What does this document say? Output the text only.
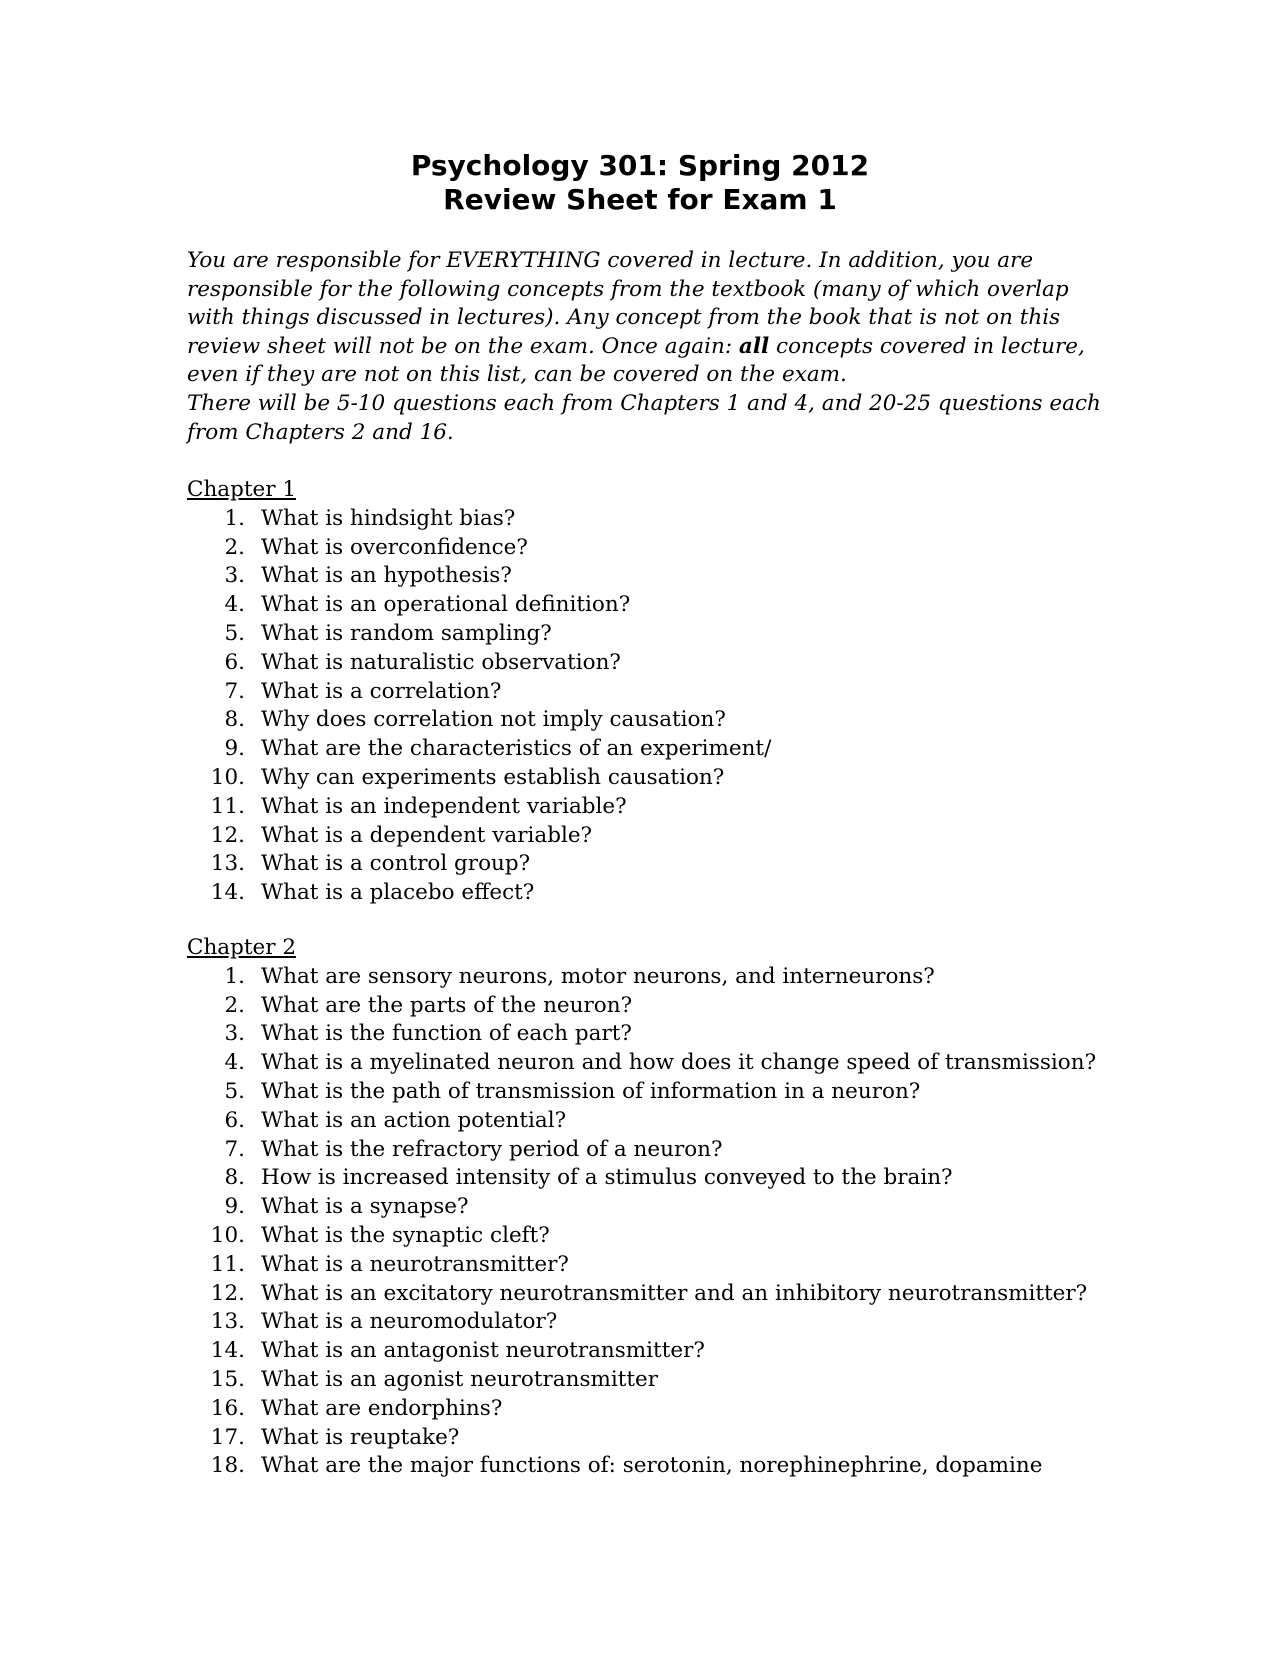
Psychology 301: Spring 2012
Review Sheet for Exam 1

You are responsible for EVERYTHING covered in lecture. In addition, you are responsible for the following concepts from the textbook (many of which overlap with things discussed in lectures). Any concept from the book that is not on this review sheet will not be on the exam. Once again: all concepts covered in lecture, even if they are not on this list, can be covered on the exam.

There will be 5-10 questions each from Chapters 1 and 4, and 20-25 questions each from Chapters 2 and 16.

Chapter 1

1. What is hindsight bias?
2. What is overconfidence?
3. What is an hypothesis?
4. What is an operational definition?
5. What is random sampling?
6. What is naturalistic observation?
7. What is a correlation?
8. Why does correlation not imply causation?
9. What are the characteristics of an experiment/
10. Why can experiments establish causation?
11. What is an independent variable?
12. What is a dependent variable?
13. What is a control group?
14. What is a placebo effect?

Chapter 2

1. What are sensory neurons, motor neurons, and interneurons?
2. What are the parts of the neuron?
3. What is the function of each part?
4. What is a myelinated neuron and how does it change speed of transmission?
5. What is the path of transmission of information in a neuron?
6. What is an action potential?
7. What is the refractory period of a neuron?
8. How is increased intensity of a stimulus conveyed to the brain?
9. What is a synapse?
10. What is the synaptic cleft?
11. What is a neurotransmitter?
12. What is an excitatory neurotransmitter and an inhibitory neurotransmitter?
13. What is a neuromodulator?
14. What is an antagonist neurotransmitter?
15. What is an agonist neurotransmitter
16. What are endorphins?
17. What is reuptake?
18. What are the major functions of: serotonin, norephinephrine, dopamine
